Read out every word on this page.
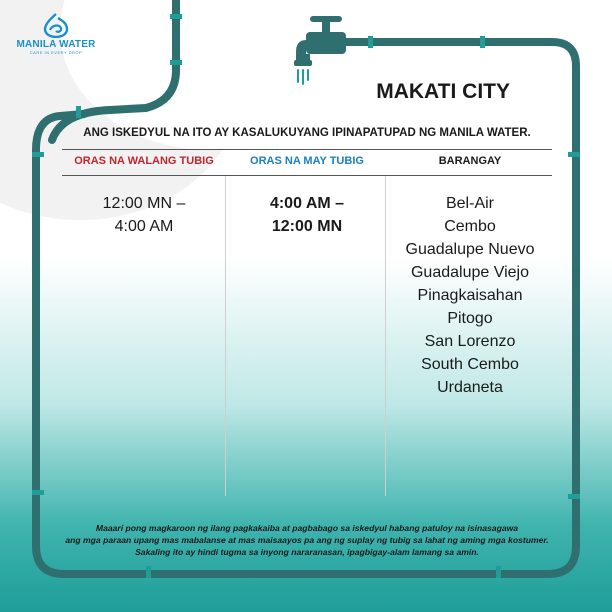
MANILA WATER
CARE IN EVERY DROP
MAKATI CITY
ANG ISKEDYUL NA ITO AY KASALUKUYANG IPINAPATUPAD NG MANILA WATER.
ORAS NA WALANG TUBIG	ORAS NA MAY TUBIG	BARANGAY
12:00 MN –
4:00 AM
4:00 AM –
12:00 MN
Bel-Air
Cembo
Guadalupe Nuevo
Guadalupe Viejo
Pinagkaisahan
Pitogo
San Lorenzo
South Cembo
Urdaneta
Maaari pong magkaroon ng ilang pagkakaiba at pagbabago sa iskedyul habang patuloy na isinasagawa
ang mga paraan upang mas mabalanse at mas maisaayos pa ang ng suplay ng tubig sa lahat ng aming mga kostumer.
Sakaling ito ay hindi tugma sa inyong nararanasan, ipagbigay-alam lamang sa amin.
